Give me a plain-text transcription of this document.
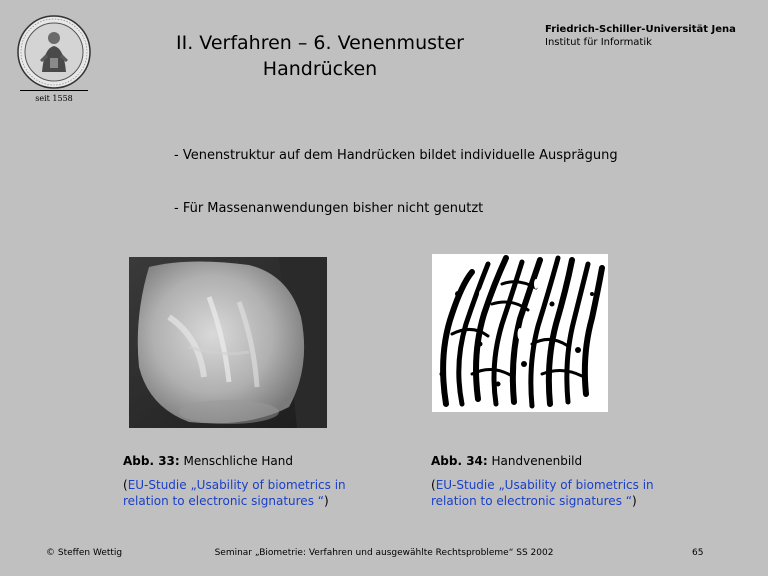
seit 1558
II. Verfahren – 6. Venenmuster
Handrücken
Friedrich-Schiller-Universität Jena
Institut für Informatik
- Venenstruktur auf dem Handrücken bildet individuelle Ausprägung
- Für Massenanwendungen bisher nicht genutzt
Abb. 33: Menschliche Hand	Abb. 34: Handvenenbild
(EU-Studie „Usability of biometrics in
relation to electronic signatures “)
(EU-Studie „Usability of biometrics in
relation to electronic signatures “)
Seminar „Biometrie: Verfahren und ausgewählte Rechtsprobleme“ SS 2002
© Steffen Wettig	65
